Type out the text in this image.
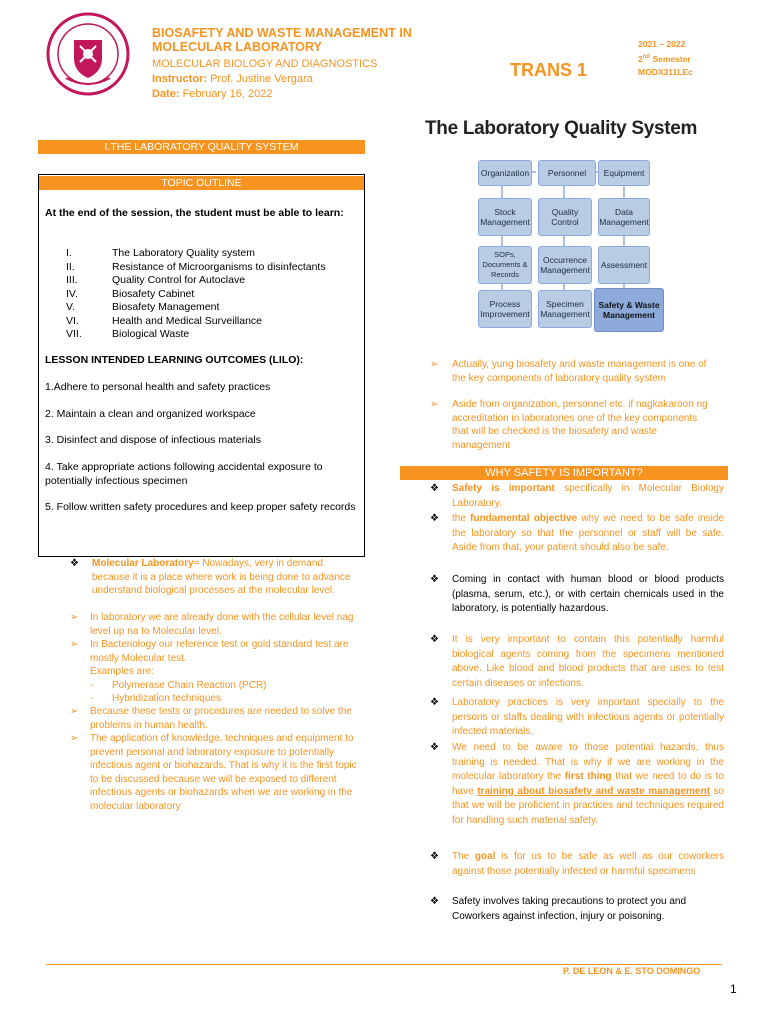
BIOSAFETY AND WASTE MANAGEMENT IN
MOLECULAR LABORATORY
MOLECULAR BIOLOGY AND DIAGNOSTICS
Instructor: Prof. Justine Vergara
Date: February 16, 2022
TRANS 1
2021 – 2022
2nd Semester
MODX311LEc
I.THE LABORATORY QUALITY SYSTEM
TOPIC OUTLINE
At the end of the session, the student must be able to learn:
I.	The Laboratory Quality system
II.	Resistance of Microorganisms to disinfectants
III.	Quality Control for Autoclave
IV.	Biosafety Cabinet
V.	Biosafety Management
VI.	Health and Medical Surveillance
VII.	Biological Waste
LESSON INTENDED LEARNING OUTCOMES (LILO):
1.Adhere to personal health and safety practices
2. Maintain a clean and organized workspace
3. Disinfect and dispose of infectious materials
4. Take appropriate actions following accidental exposure to potentially infectious specimen
5. Follow written safety procedures and keep proper safety records
❖ Molecular Laboratory= Nowadays, very in demand because it is a place where work is being done to advance understand biological processes at the molecular level.
➢ In laboratory we are already done with the cellular level nag level up na to Molecular level.
➢ In Bacteriology our reference test or gold standard test are mostly Molecular test.
Examples are:
- Polymerase Chain Reaction (PCR)
- Hybridization techniques
➢ Because these tests or procedures are needed to solve the problems in human health.
➢ The application of knowledge, techniques and equipment to prevent personal and laboratory exposure to potentially infectious agent or biohazards. That is why it is the first topic to be discussed because we will be exposed to different infectious agents or biohazards when we are working in the molecular laboratory
The Laboratory Quality System
Organization	Personnel	Equipment
Stock Management
Quality Control
Data Management
SOPs, Documents & Records
Occurrence Management	Assessment
Process Improvement
Specimen Management
Safety & Waste Management
➢ Actually, yung biosafety and waste management is one of the key components of laboratory quality system
➢ Aside from organization, personnel etc. if nagkakaroon ng accreditation in laboratories one of the key components that will be checked is the biosafety and waste management
WHY SAFETY IS IMPORTANT?
❖ Safety is important specifically in Molecular Biology Laboratory.
❖ the fundamental objective why we need to be safe inside the laboratory so that the personnel or staff will be safe. Aside from that, your patient should also be safe.
❖ Coming in contact with human blood or blood products (plasma, serum, etc.), or with certain chemicals used in the laboratory, is potentially hazardous.
❖ It is very important to contain this potentially harmful biological agents coming from the specimens mentioned above. Like blood and blood products that are uses to test certain diseases or infections.
❖ Laboratory practices is very important specially to the persons or staffs dealing with infectious agents or potentially infected materials.
❖ We need to be aware to those potential hazards, thus training is needed. That is why if we are working in the molecular laboratory the first thing that we need to do is to have training about biosafety and waste management so that we will be proficient in practices and techniques required for handling such material safety.
❖ The goal is for us to be safe as well as our coworkers against those potentially infected or harmful specimens
❖ Safety involves taking precautions to protect you and Coworkers against infection, injury or poisoning.
P. DE LEON & E. STO DOMINGO
1
